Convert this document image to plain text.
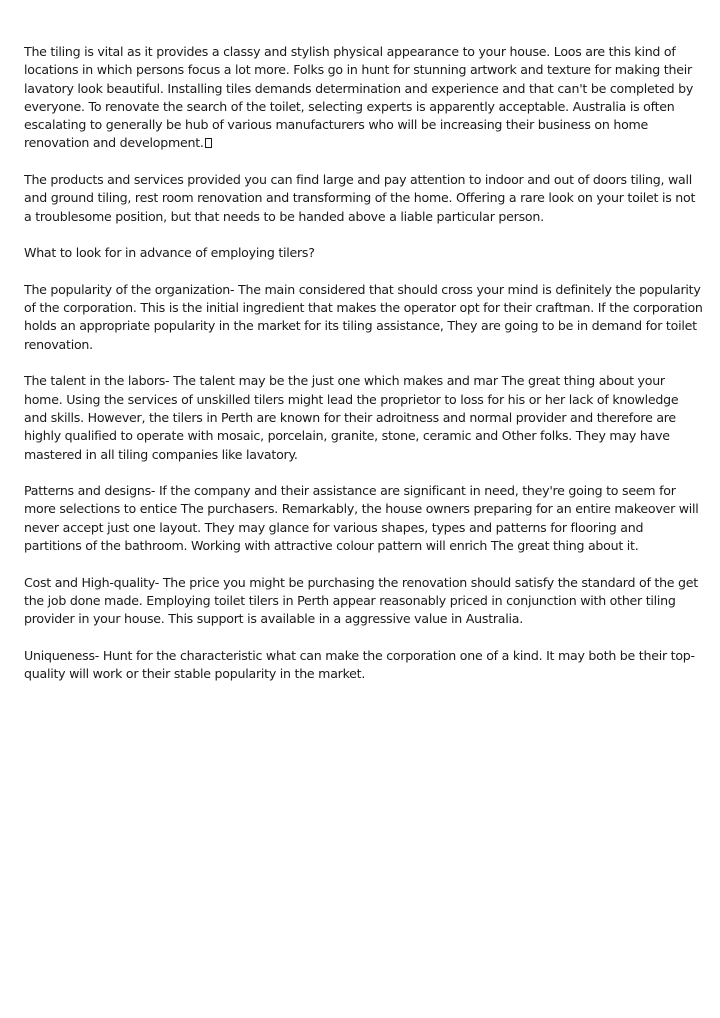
The tiling is vital as it provides a classy and stylish physical appearance to your house. Loos are this kind of locations in which persons focus a lot more. Folks go in hunt for stunning artwork and texture for making their lavatory look beautiful. Installing tiles demands determination and experience and that can't be completed by everyone. To renovate the search of the toilet, selecting experts is apparently acceptable. Australia is often escalating to generally be hub of various manufacturers who will be increasing their business on home renovation and development.

The products and services provided you can find large and pay attention to indoor and out of doors tiling, wall and ground tiling, rest room renovation and transforming of the home. Offering a rare look on your toilet is not a troublesome position, but that needs to be handed above a liable particular person.

What to look for in advance of employing tilers?

The popularity of the organization- The main considered that should cross your mind is definitely the popularity of the corporation. This is the initial ingredient that makes the operator opt for their craftman. If the corporation holds an appropriate popularity in the market for its tiling assistance, They are going to be in demand for toilet renovation.

The talent in the labors- The talent may be the just one which makes and mar The great thing about your home. Using the services of unskilled tilers might lead the proprietor to loss for his or her lack of knowledge and skills. However, the tilers in Perth are known for their adroitness and normal provider and therefore are highly qualified to operate with mosaic, porcelain, granite, stone, ceramic and Other folks. They may have mastered in all tiling companies like lavatory.

Patterns and designs- If the company and their assistance are significant in need, they're going to seem for more selections to entice The purchasers. Remarkably, the house owners preparing for an entire makeover will never accept just one layout. They may glance for various shapes, types and patterns for flooring and partitions of the bathroom. Working with attractive colour pattern will enrich The great thing about it.

Cost and High-quality- The price you might be purchasing the renovation should satisfy the standard of the get the job done made. Employing toilet tilers in Perth appear reasonably priced in conjunction with other tiling provider in your house. This support is available in a aggressive value in Australia.

Uniqueness- Hunt for the characteristic what can make the corporation one of a kind. It may both be their top-quality will work or their stable popularity in the market.
